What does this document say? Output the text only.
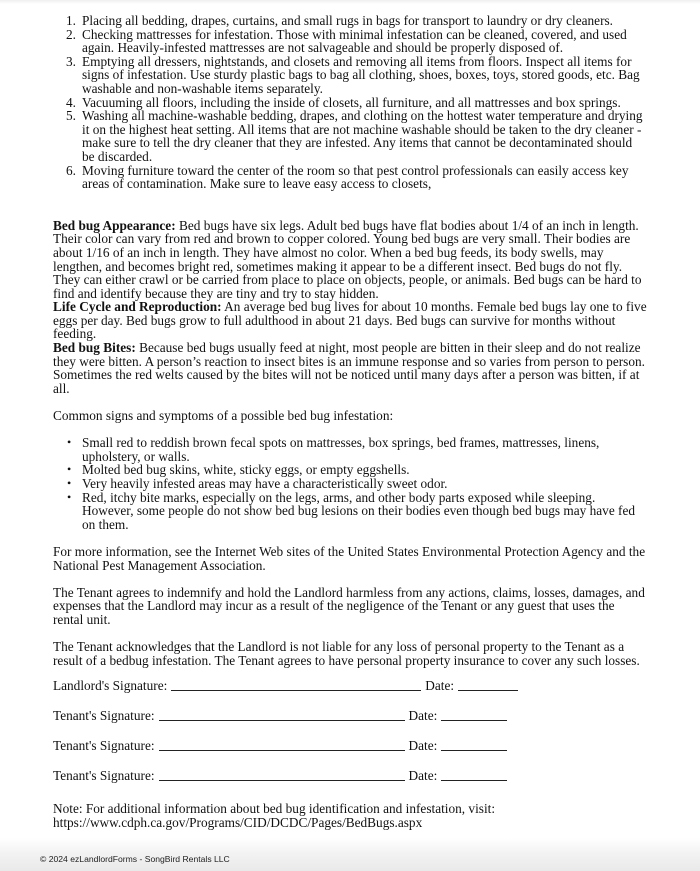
1. Placing all bedding, drapes, curtains, and small rugs in bags for transport to laundry or dry cleaners.
2. Checking mattresses for infestation. Those with minimal infestation can be cleaned, covered, and used again. Heavily-infested mattresses are not salvageable and should be properly disposed of.
3. Emptying all dressers, nightstands, and closets and removing all items from floors. Inspect all items for signs of infestation. Use sturdy plastic bags to bag all clothing, shoes, boxes, toys, stored goods, etc. Bag washable and non-washable items separately.
4. Vacuuming all floors, including the inside of closets, all furniture, and all mattresses and box springs.
5. Washing all machine-washable bedding, drapes, and clothing on the hottest water temperature and drying it on the highest heat setting. All items that are not machine washable should be taken to the dry cleaner - make sure to tell the dry cleaner that they are infested. Any items that cannot be decontaminated should be discarded.
6. Moving furniture toward the center of the room so that pest control professionals can easily access key areas of contamination. Make sure to leave easy access to closets,

Bed bug Appearance: Bed bugs have six legs. Adult bed bugs have flat bodies about 1/4 of an inch in length. Their color can vary from red and brown to copper colored. Young bed bugs are very small. Their bodies are about 1/16 of an inch in length. They have almost no color. When a bed bug feeds, its body swells, may lengthen, and becomes bright red, sometimes making it appear to be a different insect. Bed bugs do not fly. They can either crawl or be carried from place to place on objects, people, or animals. Bed bugs can be hard to find and identify because they are tiny and try to stay hidden.

Life Cycle and Reproduction: An average bed bug lives for about 10 months. Female bed bugs lay one to five eggs per day. Bed bugs grow to full adulthood in about 21 days. Bed bugs can survive for months without feeding.

Bed bug Bites: Because bed bugs usually feed at night, most people are bitten in their sleep and do not realize they were bitten. A person’s reaction to insect bites is an immune response and so varies from person to person. Sometimes the red welts caused by the bites will not be noticed until many days after a person was bitten, if at all.

Common signs and symptoms of a possible bed bug infestation:

• Small red to reddish brown fecal spots on mattresses, box springs, bed frames, mattresses, linens, upholstery, or walls.
• Molted bed bug skins, white, sticky eggs, or empty eggshells.
• Very heavily infested areas may have a characteristically sweet odor.
• Red, itchy bite marks, especially on the legs, arms, and other body parts exposed while sleeping. However, some people do not show bed bug lesions on their bodies even though bed bugs may have fed on them.

For more information, see the Internet Web sites of the United States Environmental Protection Agency and the National Pest Management Association.

The Tenant agrees to indemnify and hold the Landlord harmless from any actions, claims, losses, damages, and expenses that the Landlord may incur as a result of the negligence of the Tenant or any guest that uses the rental unit.

The Tenant acknowledges that the Landlord is not liable for any loss of personal property to the Tenant as a result of a bedbug infestation. The Tenant agrees to have personal property insurance to cover any such losses.

Landlord's Signature:	Date:
Tenant's Signature:	Date:
Tenant's Signature:	Date:
Tenant's Signature:	Date:

Note: For additional information about bed bug identification and infestation, visit:

https://www.cdph.ca.gov/Programs/CID/DCDC/Pages/BedBugs.aspx

© 2024 ezLandlordForms - SongBird Rentals LLC
